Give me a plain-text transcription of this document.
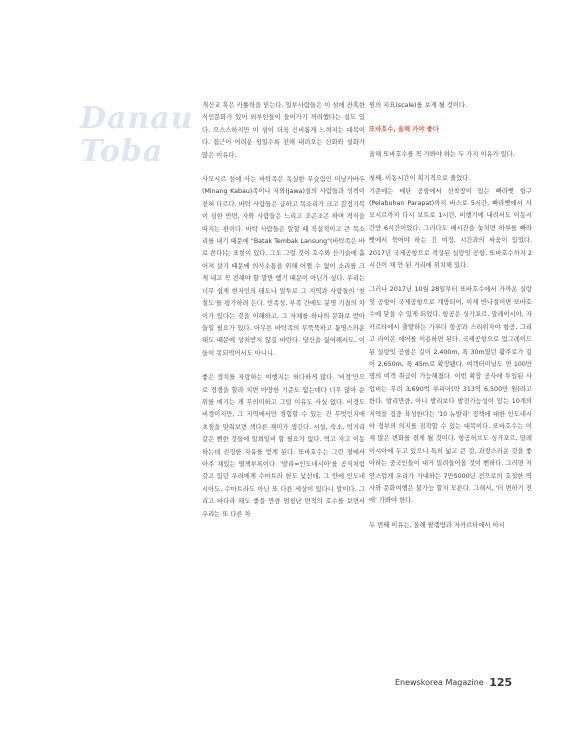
Danau
Toba

개신교 혹은 카톨릭을 믿는다. 일부사람들은 이 섬에 잔혹한 식인문화가 있어 외부인들이 들어가기 꺼려했다는 설도 있다. 으스스하지만 이 섬이 더욱 신비롭게 느껴지는 대목이다. 접근이 어려운 섬일수록 전해 내려오는 신화와 설화가 많은 이유다.

사모시르 섬에 사는 바탁족은 독실한 무슬림인 미낭카바우(Minang Kabau)족이나 자와(Jawa)섬의 사람들과 성격이 전혀 다르다. 바탁 사람들은 급하고 목소리가 크고 감정기복이 심한 반면, 자와 사람들은 느리고 조곤조곤 하며 격식을 따지는 편이다. 바탁 사람들은 말할 때 직설적이고 큰 목소리를 내기 때문에 "Batak Tembak Lansung"(바탁족은 바로 쏜다)는 표현이 있다. 그도 그럴 것이 호수와 산기슭에 흩어져 살기 때문에 의사소통을 위해 어쩔 수 없이 소리를 크게 내고 꼭 전해야 할 말만 했기 때문이 아닌가 싶다. 우리는 너무 쉽게 현지인의 태도나 말투로 그 지역과 사람들의 '친절도'를 평가하려 든다. 민족성, 부족 간에도 분명 기질의 차이가 있다는 것을 이해하고, 그 자체를 하나의 문화로 받아들일 필요가 있다. 아무튼 바탁족의 무뚝뚝하고 퉁명스러운 태도 때문에 상처받지 않길 바란다. 당신을 싫어해서도, 이들이 못되먹어서도 아니니.

좋은 경치를 자랑하는 여행지는 허다하게 많다. '비경'만으로 경쟁을 할라 치면 마땅한 기준도 없는데다 너무 많아 순위를 매기는 게 무의미하고 그럴 이유도 사실 없다. 비경도 비경이지만, 그 지역에서만 경험할 수 있는 건 무엇인지에 초점을 맞춰보면 색다른 재미가 생긴다. 시설, 숙소, 먹거리 같은 뻔한 것들에 일희일비 할 필요가 없다. 먹고 자고 이동하는데 진정한 자유를 얻게 된다. 또바호수는 그런 점에서 아주 재밌는 별책부록이다. '발리=인도네시아'를 공식처럼 갖고 있던 우리에게 수마트라 한도 낯선데, 그 안에 인도네시아도, 수마트라도 아닌 또 다른 세상이 있다니 말이다. 그리고 바다라 해도 좋을 만큼 엄청난 면적의 호수를 보면서 우리는 또 다른 차

원의 지표(scale)를 보게 될 것이다.

또바호수, 올해 가야 좋다

올해 또바호수를 꼭 가봐야 하는 두 가지 이유가 있다.

첫째, 이동시간이 획기적으로 줄었다.

기존에는 메단 공항에서 선착장이 있는 빠라빳 항구(Pelabuhan Parapat)까지 버스로 5시간, 빠라빳에서 사모시르까지 다시 보트로 1시간, 비행기에 내려서도 이동시간만 6시간이었다. 그러다도 배시간을 놓치면 하루를 빠라빳에서 묵어야 하는 긴 여정, 시간과의 싸움이 있었다. 2017년 국제공항으로 격상된 실랑잇 공항, 또바호수까지 2시간이 채 안 된 거리에 위치해 있다.

그러나 2017년 10월 28일부터 또바호수에서 가까운 실랑잇 공항이 국제공항으로 개방되어, 이제 반나절이면 또바호수에 닿을 수 있게 되었다. 항공은 싱가포르, 말레이시아, 자카르타에서 출발하는 가루다 항공과 스리위자야 항공, 그리고 라이온 에어를 이용하면 된다. 국제공항으로 업그레이드 된 실랑잇 공항은 길이 2,400m, 폭 30m였던 활주로가 길이 2,650m, 폭 45m로 확장됐다. 여객터미널도 연 100만 명의 여객 취급이 가능해졌다. 이번 확장 공사에 투입된 사업비는 무려 3,690억 루피아(약 313억 6,500만 원)라고 한다. 발리만큼, 아니 발리보다 발전가능성이 있는 10개의 지역을 집중 육성한다는 '10 뉴발리' 정책에 대한 인도네시아 정부의 의지를 짐작할 수 있는 대목이다. 또바호수는 이제 많은 변화를 겪게 될 것이다. 항공허브도 싱가포르, 말레이시아에 두고 있으니 특히 넓고 큰 것, 과장스러운 것을 좋아하는 중국인들이 대거 밀려들어올 것이 뻔하다. 그러면 자연스럽게 우리가 기대하는 7만5000년 전으로의 호젓한 역사와 문화여행은 불가능 할지 모른다. 그래서, '더 변하기 전에' 가봐야 한다.

두 번째 이유는, 올해 팔렘방과 자카르타에서 아시

Enewskorea Magazine 125
